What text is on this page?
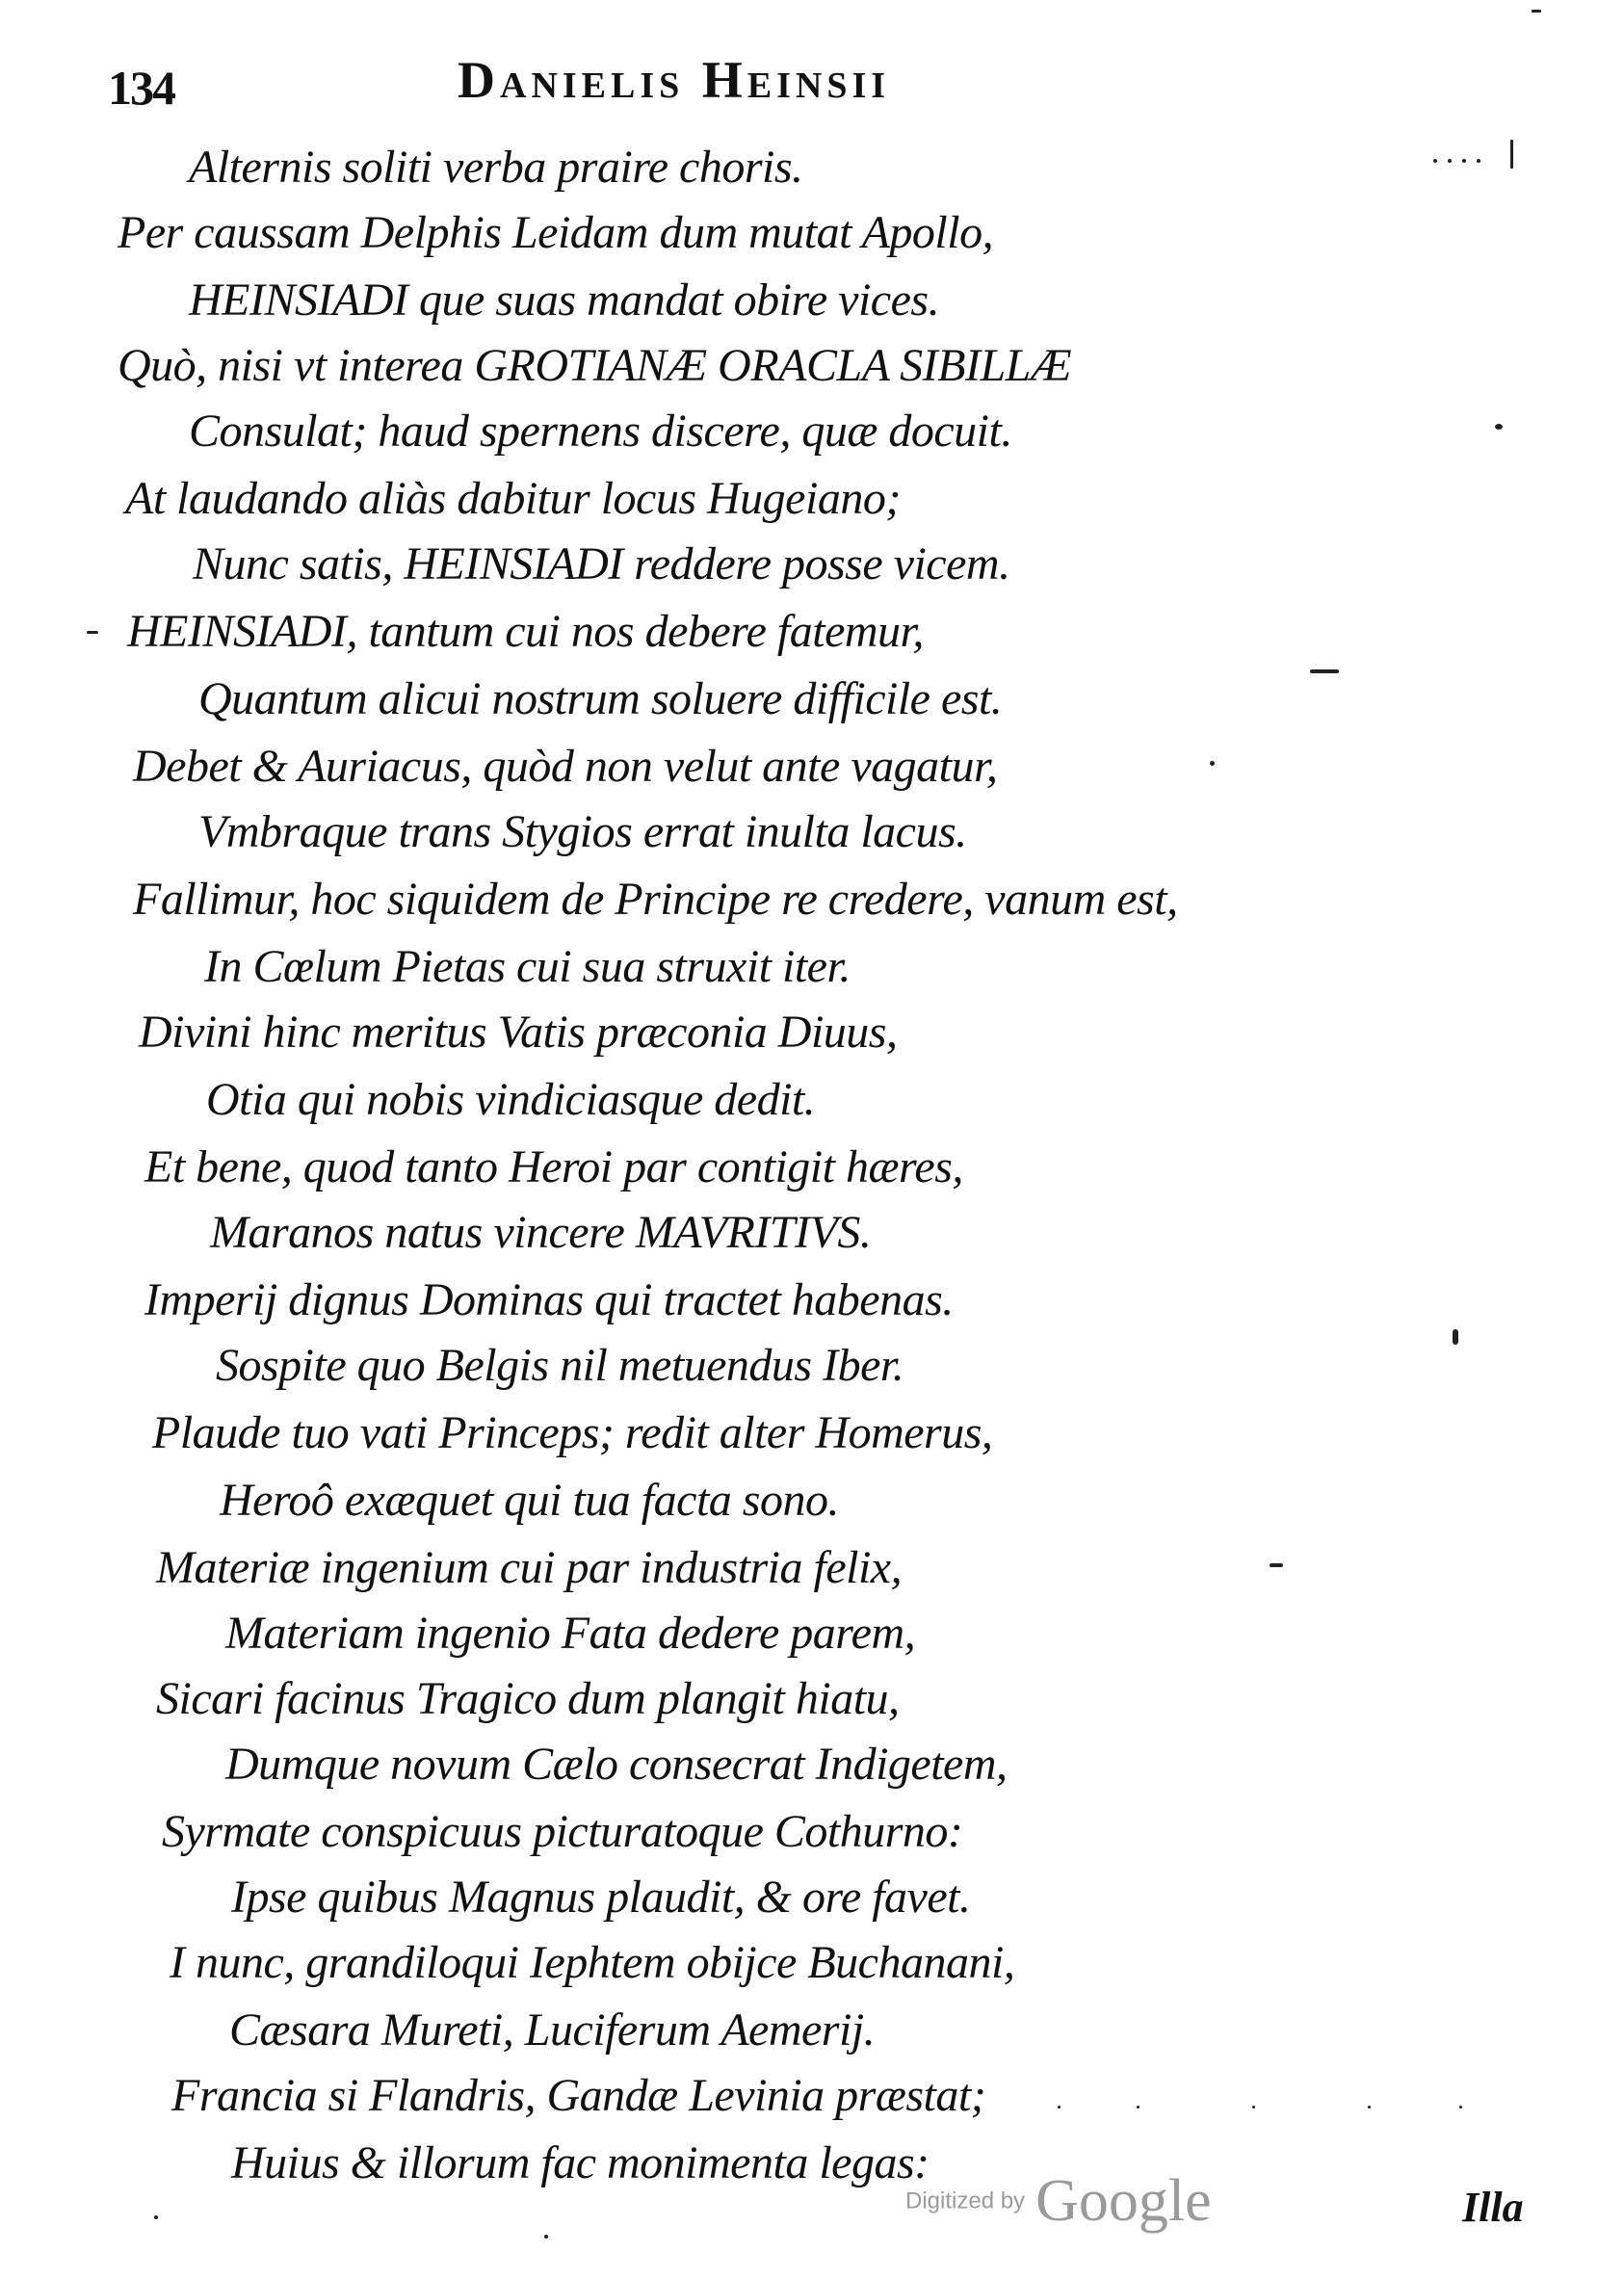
134	Danielis Heinsii
Alternis soliti verba praire choris.
Per caussam Delphis Leidam dum mutat Apollo,
HEINSIADI que suas mandat obire vices.
Quò, nisi vt interea GROTIANÆ ORACLA SIBILLÆ
Consulat; haud spernens discere, quæ docuit.
At laudando aliàs dabitur locus Hugeiano;
Nunc satis, HEINSIADI reddere posse vicem.
HEINSIADI, tantum cui nos debere fatemur,
Quantum alicui nostrum soluere difficile est.
Debet & Auriacus, quòd non velut ante vagatur,
Vmbraque trans Stygios errat inulta lacus.
Fallimur, hoc siquidem de Principe re credere, vanum est,
In Cœlum Pietas cui sua struxit iter.
Divini hinc meritus Vatis præconia Diuus,
Otia qui nobis vindiciasque dedit.
Et bene, quod tanto Heroi par contigit hæres,
Maranos natus vincere MAVRITIVS.
Imperij dignus Dominas qui tractet habenas.
Sospite quo Belgis nil metuendus Iber.
Plaude tuo vati Princeps; redit alter Homerus,
Heroô exæquet qui tua facta sono.
Materiæ ingenium cui par industria felix,
Materiam ingenio Fata dedere parem,
Sicari facinus Tragico dum plangit hiatu,
Dumque novum Cælo consecrat Indigetem,
Syrmate conspicuus picturatoque Cothurno:
Ipse quibus Magnus plaudit, & ore favet.
I nunc, grandiloqui Iephtem obijce Buchanani,
Cæsara Mureti, Luciferum Aemerij.
Francia si Flandris, Gandæ Levinia præstat;
Huius & illorum fac monimenta legas:
Illa
Digitized by Google
